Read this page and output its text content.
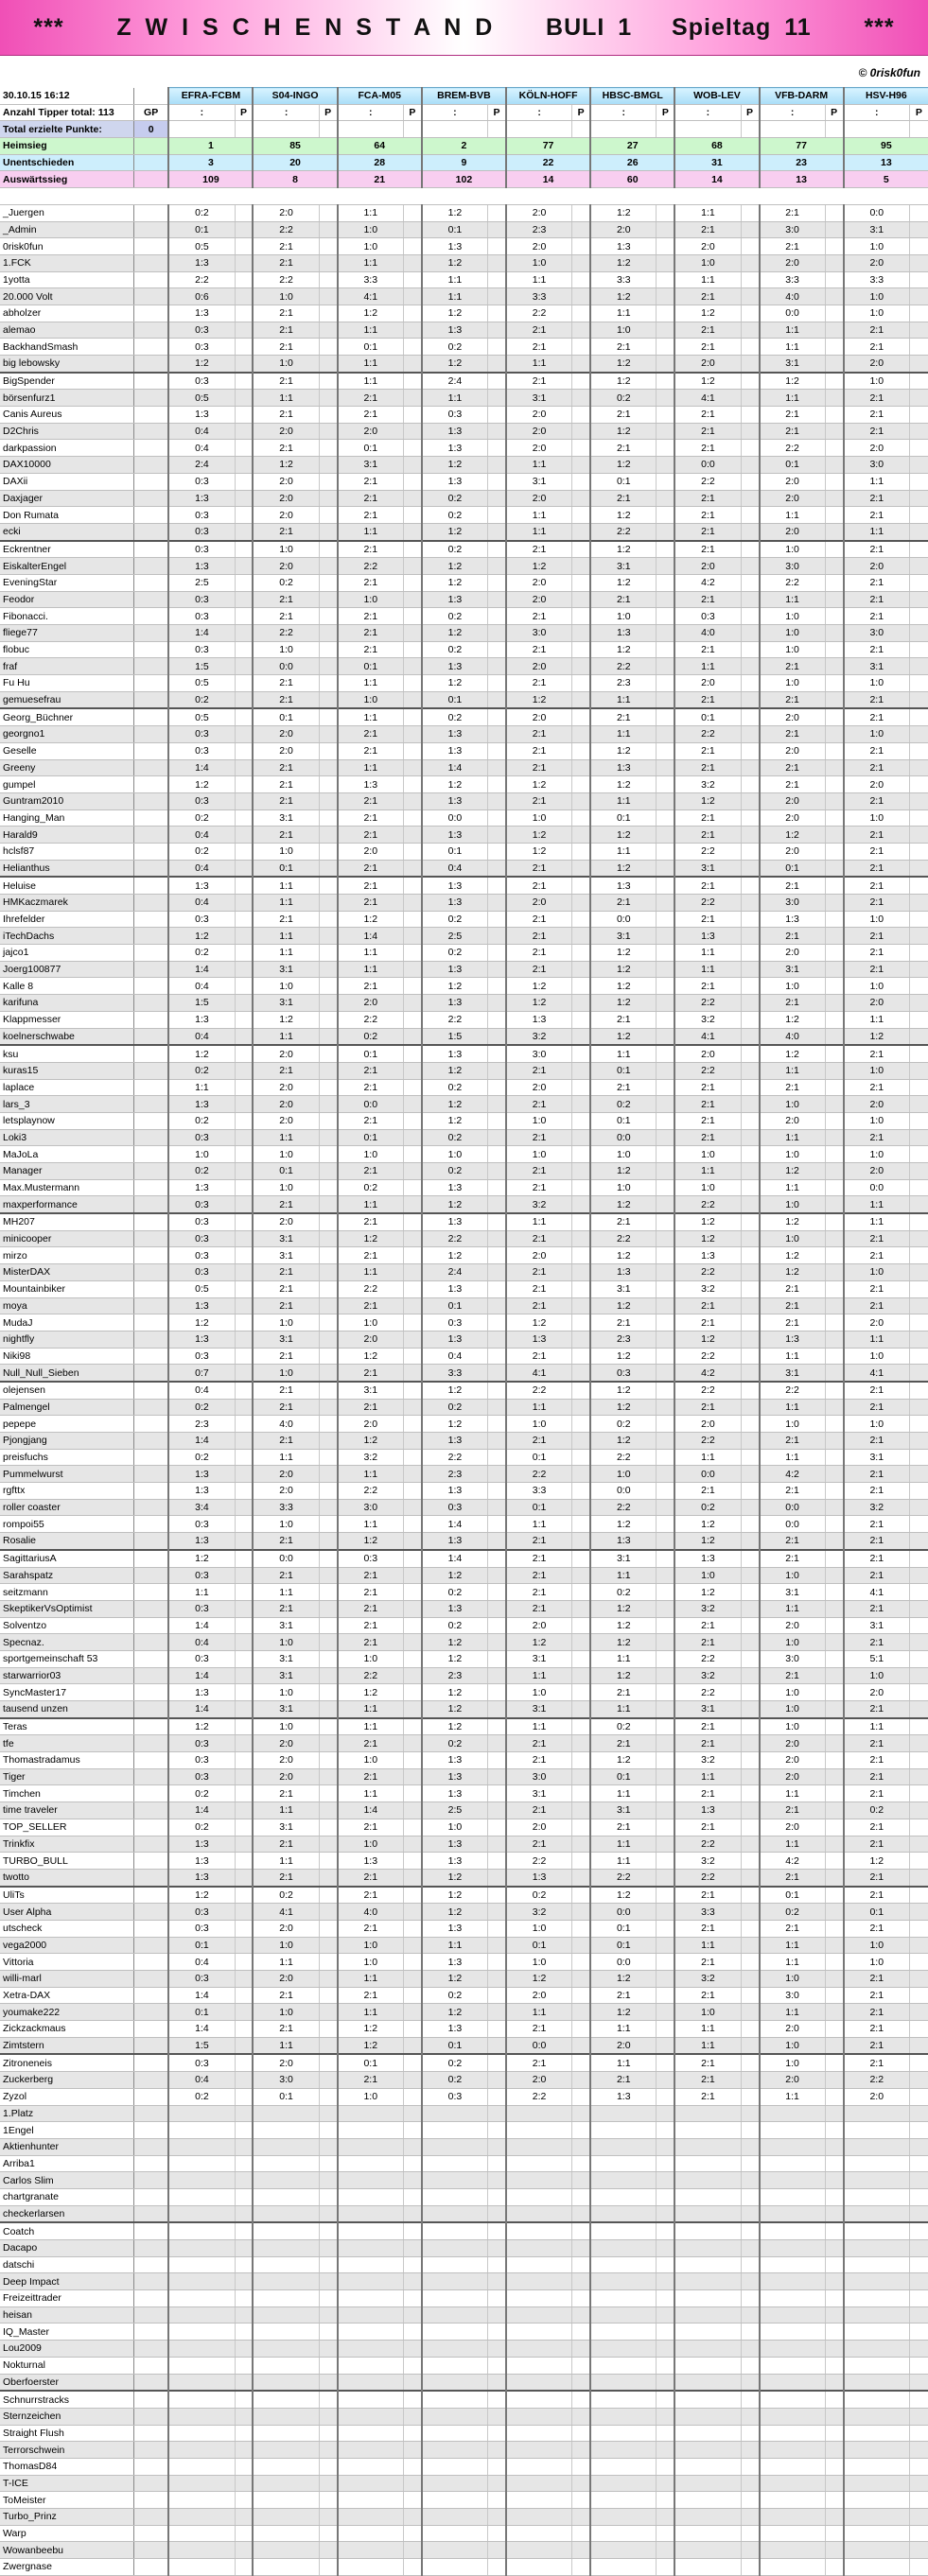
***    Z W I S C H E N S T A N D    BULI 1   Spieltag 11    ***
© 0risk0fun
30.10.15 16:12		EFRA-FCBM		S04-INGO		FCA-M05		BREM-BVB		KÖLN-HOFF		HBSC-BMGL		WOB-LEV		VFB-DARM		HSV-H96	
Anzahl Tipper total: 113	GP	:	P	:	P	:	P	:	P	:	P	:	P	:	P	:	P	:	P
Total erzielte Punkte:	0																		
Heimsieg		1		85		64		2		77		27		68		77		95	
Unentschieden		3		20		28		9		22		26		31		23		13	
Auswärtssieg		109		8		21		102		14		60		14		13		5	

_Juergen		0:2		2:0		1:1		1:2		2:0		1:2		1:1		2:1		0:0	
_Admin		0:1		2:2		1:0		0:1		2:3		2:0		2:1		3:0		3:1	
0risk0fun		0:5		2:1		1:0		1:3		2:0		1:3		2:0		2:1		1:0	
1.FCK		1:3		2:1		1:1		1:2		1:0		1:2		1:0		2:0		2:0	
1yotta		2:2		2:2		3:3		1:1		1:1		3:3		1:1		3:3		3:3	
20.000 Volt		0:6		1:0		4:1		1:1		3:3		1:2		2:1		4:0		1:0	
abholzer		1:3		2:1		1:2		1:2		2:2		1:1		1:2		0:0		1:0	
alemao		0:3		2:1		1:1		1:3		2:1		1:0		2:1		1:1		2:1	
BackhandSmash		0:3		2:1		0:1		0:2		2:1		2:1		2:1		1:1		2:1	
big lebowsky		1:2		1:0		1:1		1:2		1:1		1:2		2:0		3:1		2:0	
BigSpender		0:3		2:1		1:1		2:4		2:1		1:2		1:2		1:2		1:0	
börsenfurz1		0:5		1:1		2:1		1:1		3:1		0:2		4:1		1:1		2:1	
Canis Aureus		1:3		2:1		2:1		0:3		2:0		2:1		2:1		2:1		2:1	
D2Chris		0:4		2:0		2:0		1:3		2:0		1:2		2:1		2:1		2:1	
darkpassion		0:4		2:1		0:1		1:3		2:0		2:1		2:1		2:2		2:0	
DAX10000		2:4		1:2		3:1		1:2		1:1		1:2		0:0		0:1		3:0	
DAXii		0:3		2:0		2:1		1:3		3:1		0:1		2:2		2:0		1:1	
Daxjager		1:3		2:0		2:1		0:2		2:0		2:1		2:1		2:0		2:1	
Don Rumata		0:3		2:0		2:1		0:2		1:1		1:2		2:1		1:1		2:1	
ecki		0:3		2:1		1:1		1:2		1:1		2:2		2:1		2:0		1:1	
Eckrentner		0:3		1:0		2:1		0:2		2:1		1:2		2:1		1:0		2:1	
EiskalterEngel		1:3		2:0		2:2		1:2		1:2		3:1		2:0		3:0		2:0	
EveningStar		2:5		0:2		2:1		1:2		2:0		1:2		4:2		2:2		2:1	
Feodor		0:3		2:1		1:0		1:3		2:0		2:1		2:1		1:1		2:1	
Fibonacci.		0:3		2:1		2:1		0:2		2:1		1:0		0:3		1:0		2:1	
fliege77		1:4		2:2		2:1		1:2		3:0		1:3		4:0		1:0		3:0	
flobuc		0:3		1:0		2:1		0:2		2:1		1:2		2:1		1:0		2:1	
fraf		1:5		0:0		0:1		1:3		2:0		2:2		1:1		2:1		3:1	
Fu Hu		0:5		2:1		1:1		1:2		2:1		2:3		2:0		1:0		1:0	
gemuesefrau		0:2		2:1		1:0		0:1		1:2		1:1		2:1		2:1		2:1	
Georg_Büchner		0:5		0:1		1:1		0:2		2:0		2:1		0:1		2:0		2:1	
georgno1		0:3		2:0		2:1		1:3		2:1		1:1		2:2		2:1		1:0	
Geselle		0:3		2:0		2:1		1:3		2:1		1:2		2:1		2:0		2:1	
Greeny		1:4		2:1		1:1		1:4		2:1		1:3		2:1		2:1		2:1	
gumpel		1:2		2:1		1:3		1:2		1:2		1:2		3:2		2:1		2:0	
Guntram2010		0:3		2:1		2:1		1:3		2:1		1:1		1:2		2:0		2:1	
Hanging_Man		0:2		3:1		2:1		0:0		1:0		0:1		2:1		2:0		1:0	
Harald9		0:4		2:1		2:1		1:3		1:2		1:2		2:1		1:2		2:1	
hclsf87		0:2		1:0		2:0		0:1		1:2		1:1		2:2		2:0		2:1	
Helianthus		0:4		0:1		2:1		0:4		2:1		1:2		3:1		0:1		2:1	
Heluise		1:3		1:1		2:1		1:3		2:1		1:3		2:1		2:1		2:1	
HMKaczmarek		0:4		1:1		2:1		1:3		2:0		2:1		2:2		3:0		2:1	
Ihrefelder		0:3		2:1		1:2		0:2		2:1		0:0		2:1		1:3		1:0	
iTechDachs		1:2		1:1		1:4		2:5		2:1		3:1		1:3		2:1		2:1	
jajco1		0:2		1:1		1:1		0:2		2:1		1:2		1:1		2:0		2:1	
Joerg100877		1:4		3:1		1:1		1:3		2:1		1:2		1:1		3:1		2:1	
Kalle 8		0:4		1:0		2:1		1:2		1:2		1:2		2:1		1:0		1:0	
karifuna		1:5		3:1		2:0		1:3		1:2		1:2		2:2		2:1		2:0	
Klappmesser		1:3		1:2		2:2		2:2		1:3		2:1		3:2		1:2		1:1	
koelnerschwabe		0:4		1:1		0:2		1:5		3:2		1:2		4:1		4:0		1:2	
ksu		1:2		2:0		0:1		1:3		3:0		1:1		2:0		1:2		2:1	
kuras15		0:2		2:1		2:1		1:2		2:1		0:1		2:2		1:1		1:0	
laplace		1:1		2:0		2:1		0:2		2:0		2:1		2:1		2:1		2:1	
lars_3		1:3		2:0		0:0		1:2		2:1		0:2		2:1		1:0		2:0	
letsplaynow		0:2		2:0		2:1		1:2		1:0		0:1		2:1		2:0		1:0	
Loki3		0:3		1:1		0:1		0:2		2:1		0:0		2:1		1:1		2:1	
MaJoLa		1:0		1:0		1:0		1:0		1:0		1:0		1:0		1:0		1:0	
Manager		0:2		0:1		2:1		0:2		2:1		1:2		1:1		1:2		2:0	
Max.Mustermann		1:3		1:0		0:2		1:3		2:1		1:0		1:0		1:1		0:0	
maxperformance		0:3		2:1		1:1		1:2		3:2		1:2		2:2		1:0		1:1	
MH207		0:3		2:0		2:1		1:3		1:1		2:1		1:2		1:2		1:1	
minicooper		0:3		3:1		1:2		2:2		2:1		2:2		1:2		1:0		2:1	
mirzo		0:3		3:1		2:1		1:2		2:0		1:2		1:3		1:2		2:1	
MisterDAX		0:3		2:1		1:1		2:4		2:1		1:3		2:2		1:2		1:0	
Mountainbiker		0:5		2:1		2:2		1:3		2:1		3:1		3:2		2:1		2:1	
moya		1:3		2:1		2:1		0:1		2:1		1:2		2:1		2:1		2:1	
MudaJ		1:2		1:0		1:0		0:3		1:2		2:1		2:1		2:1		2:0	
nightfly		1:3		3:1		2:0		1:3		1:3		2:3		1:2		1:3		1:1	
Niki98		0:3		2:1		1:2		0:4		2:1		1:2		2:2		1:1		1:0	
Null_Null_Sieben		0:7		1:0		2:1		3:3		4:1		0:3		4:2		3:1		4:1	
olejensen		0:4		2:1		3:1		1:2		2:2		1:2		2:2		2:2		2:1	
Palmengel		0:2		2:1		2:1		0:2		1:1		1:2		2:1		1:1		2:1	
pepepe		2:3		4:0		2:0		1:2		1:0		0:2		2:0		1:0		1:0	
Pjongjang		1:4		2:1		1:2		1:3		2:1		1:2		2:2		2:1		2:1	
preisfuchs		0:2		1:1		3:2		2:2		0:1		2:2		1:1		1:1		3:1	
Pummelwurst		1:3		2:0		1:1		2:3		2:2		1:0		0:0		4:2		2:1	
rgfttx		1:3		2:0		2:2		1:3		3:3		0:0		2:1		2:1		2:1	
roller coaster		3:4		3:3		3:0		0:3		0:1		2:2		0:2		0:0		3:2	
rompoi55		0:3		1:0		1:1		1:4		1:1		1:2		1:2		0:0		2:1	
Rosalie		1:3		2:1		1:2		1:3		2:1		1:3		1:2		2:1		2:1	
SagittariusA		1:2		0:0		0:3		1:4		2:1		3:1		1:3		2:1		2:1	
Sarahspatz		0:3		2:1		2:1		1:2		2:1		1:1		1:0		1:0		2:1	
seitzmann		1:1		1:1		2:1		0:2		2:1		0:2		1:2		3:1		4:1	
SkeptikerVsOptimist		0:3		2:1		2:1		1:3		2:1		1:2		3:2		1:1		2:1	
Solventzo		1:4		3:1		2:1		0:2		2:0		1:2		2:1		2:0		3:1	
Specnaz.		0:4		1:0		2:1		1:2		1:2		1:2		2:1		1:0		2:1	
sportgemeinschaft 53		0:3		3:1		1:0		1:2		3:1		1:1		2:2		3:0		5:1	
starwarrior03		1:4		3:1		2:2		2:3		1:1		1:2		3:2		2:1		1:0	
SyncMaster17		1:3		1:0		1:2		1:2		1:0		2:1		2:2		1:0		2:0	
tausend unzen		1:4		3:1		1:1		1:2		3:1		1:1		3:1		1:0		2:1	
Teras		1:2		1:0		1:1		1:2		1:1		0:2		2:1		1:0		1:1	
tfe		0:3		2:0		2:1		0:2		2:1		2:1		2:1		2:0		2:1	
Thomastradamus		0:3		2:0		1:0		1:3		2:1		1:2		3:2		2:0		2:1	
Tiger		0:3		2:0		2:1		1:3		3:0		0:1		1:1		2:0		2:1	
Timchen		0:2		2:1		1:1		1:3		3:1		1:1		2:1		1:1		2:1	
time traveler		1:4		1:1		1:4		2:5		2:1		3:1		1:3		2:1		0:2	
TOP_SELLER		0:2		3:1		2:1		1:0		2:0		2:1		2:1		2:0		2:1	
Trinkfix		1:3		2:1		1:0		1:3		2:1		1:1		2:2		1:1		2:1	
TURBO_BULL		1:3		1:1		1:3		1:3		2:2		1:1		3:2		4:2		1:2	
twotto		1:3		2:1		2:1		1:2		1:3		2:2		2:2		2:1		2:1	
UliTs		1:2		0:2		2:1		1:2		0:2		1:2		2:1		0:1		2:1	
User Alpha		0:3		4:1		4:0		1:2		3:2		0:0		3:3		0:2		0:1	
utscheck		0:3		2:0		2:1		1:3		1:0		0:1		2:1		2:1		2:1	
vega2000		0:1		1:0		1:0		1:1		0:1		0:1		1:1		1:1		1:0	
Vittoria		0:4		1:1		1:0		1:3		1:0		0:0		2:1		1:1		1:0	
willi-marl		0:3		2:0		1:1		1:2		1:2		1:2		3:2		1:0		2:1	
Xetra-DAX		1:4		2:1		2:1		0:2		2:0		2:1		2:1		3:0		2:1	
youmake222		0:1		1:0		1:1		1:2		1:1		1:2		1:0		1:1		2:1	
Zickzackmaus		1:4		2:1		1:2		1:3		2:1		1:1		1:1		2:0		2:1	
Zimtstern		1:5		1:1		1:2		0:1		0:0		2:0		1:1		1:0		2:1	
Zitroneneis		0:3		2:0		0:1		0:2		2:1		1:1		2:1		1:0		2:1	
Zuckerberg		0:4		3:0		2:1		0:2		2:0		2:1		2:1		2:0		2:2	
Zyzol		0:2		0:1		1:0		0:3		2:2		1:3		2:1		1:1		2:0	
1.Platz																			
1Engel																			
Aktienhunter																			
Arriba1																			
Carlos Slim																			
chartgranate																			
checkerlarsen																			
Coatch																			
Dacapo																			
datschi																			
Deep Impact																			
Freizeittrader																			
heisan																			
IQ_Master																			
Lou2009																			
Nokturnal																			
Oberfoerster																			
Schnurrstracks																			
Sternzeichen																			
Straight Flush																			
Terrorschwein																			
ThomasD84																			
T-ICE																			
ToMeister																			
Turbo_Prinz																			
Warp																			
Wowanbeebu																			
Zwergnase																			
